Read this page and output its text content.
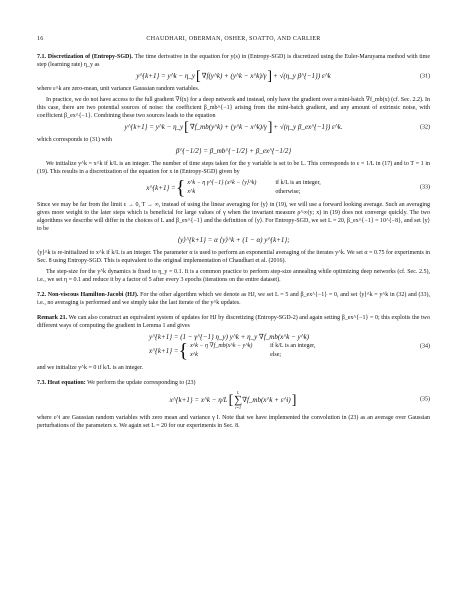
16	CHAUDHARI, OBERMAN, OSHER, SOATTO, AND CARLIER

7.1. Discretization of (Entropy-SGD). The time derivative in the equation for y(s) in (Entropy-SGD) is discretized using the Euler-Maruyama method with time step (learning rate) η_y as

y^{k+1} = y^k − η_y [ ∇f(y^k) + (y^k − x^k)/γ ] + √(η_y β^{−1}) ε^k	(31)

where ε^k are zero-mean, unit variance Gaussian random variables.

In practice, we do not have access to the full gradient ∇f(x) for a deep network and instead, only have the gradient over a mini-batch ∇f_mb(x) (cf. Sec. 2.2). In this case, there are two potential sources of noise: the coefficient β_mb^{−1} arising from the mini-batch gradient, and any amount of extrinsic noise, with coefficient β_ex^{−1}. Combining these two sources leads to the equation

y^{k+1} = y^k − η_y [ ∇f_mb(y^k) + (y^k − x^k)/γ ] + √(η_y β_ex^{−1}) ε^k.	(32)

which corresponds to (31) with

β^{−1/2} = β_mb^{−1/2} + β_ex^{−1/2}

We initialize y^k = x^k if k/L is an integer. The number of time steps taken for the y variable is set to be L. This corresponds to ε = 1/L in (17) and to T = 1 in (19). This results in a discretization of the equation for x in (Entropy-SGD) given by

x^{k+1} = { x^k − η γ^{−1} (x^k − ⟨y⟩^k)	if k/L is an integer,
x^k	otherwise;
(33)

Since we may be far from the limit ε → 0, T → ∞, instead of using the linear averaging for ⟨y⟩ in (19), we will use a forward looking average. Such an averaging gives more weight to the later steps which is beneficial for large values of γ when the invariant measure ρ^∞(y; x) in (19) does not converge quickly. The two algorithms we describe will differ in the choices of L and β_ex^{−1} and the definition of ⟨y⟩. For Entropy-SGD, we set L = 20, β_ex^{−1} = 10^{−8}, and set ⟨y⟩ to be

⟨y⟩^{k+1} = α ⟨y⟩^k + (1 − α) y^{k+1};

⟨y⟩^k is re-initialized to x^k if k/L is an integer. The parameter α is used to perform an exponential averaging of the iterates y^k. We set α = 0.75 for experiments in Sec. 8 using Entropy-SGD. This is equivalent to the original implementation of Chaudhari et al. (2016).

The step-size for the y^k dynamics is fixed to η_y = 0.1. It is a common practice to perform step-size annealing while optimizing deep networks (cf. Sec. 2.5), i.e., we set η = 0.1 and reduce it by a factor of 5 after every 3 epochs (iterations on the entire dataset).

7.2. Non-viscous Hamilton-Jacobi (HJ). For the other algorithm which we denote as HJ, we set L = 5 and β_ex^{−1} = 0, and set ⟨y⟩^k = y^k in (32) and (33), i.e., no averaging is performed and we simply take the last iterate of the y^k updates.

Remark 21. We can also construct an equivalent system of updates for HJ by discretizing (Entropy-SGD-2) and again setting β_ex^{−1} = 0; this exploits the two different ways of computing the gradient in Lemma 1 and gives

y^{k+1} = (1 − γ^{−1} η_y) y^k + η_y ∇f_mb(x^k − y^k)
x^{k+1} = { x^k − η ∇f_mb(x^k − y^k)	if k/L is an integer,
x^k	else;
(34)

and we initialize y^k = 0 if k/L is an integer.

7.3. Heat equation: We perform the update corresponding to (23)

x^{k+1} = x^k − η/L [ L
∑
i=1
∇f_mb(x^k + ε^i) ]	(35)

where ε^i are Gaussian random variables with zero mean and variance γ I. Note that we have implemented the convolution in (23) as an average over Gaussian perturbations of the parameters x. We again set L = 20 for our experiments in Sec. 8.
